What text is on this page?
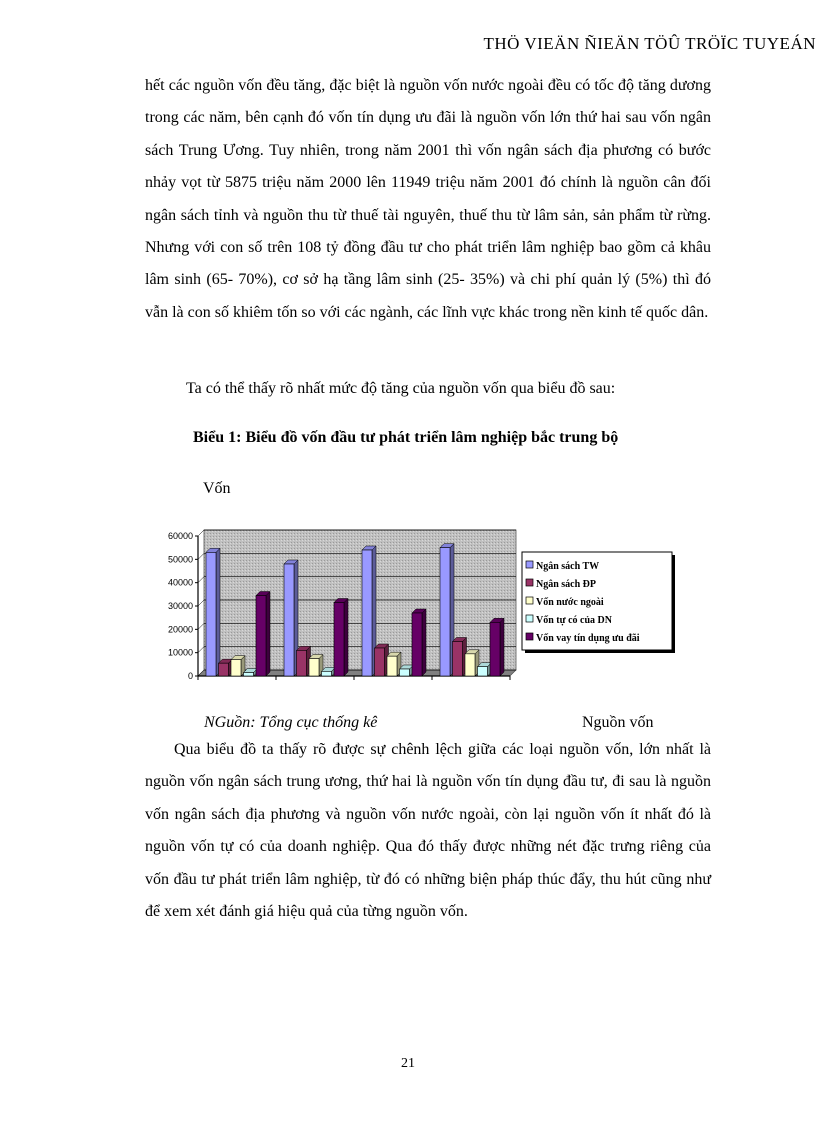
THÖ VIEÄN ÑIEÄN TÖÛ TRÖÏC TUYEÁN

hết các nguồn vốn đều tăng, đặc biệt là nguồn vốn nước ngoài đều có tốc độ tăng dương trong các năm, bên cạnh đó vốn tín dụng ưu đãi là nguồn vốn lớn thứ hai sau vốn ngân sách Trung Ương. Tuy nhiên, trong năm 2001 thì vốn ngân sách địa phương có bước nhảy vọt từ 5875 triệu năm 2000 lên 11949 triệu năm 2001 đó chính là nguồn cân đối ngân sách tỉnh và nguồn thu từ thuế tài nguyên, thuế thu từ lâm sản, sản phẩm từ rừng. Nhưng với con số trên 108 tỷ đồng đầu tư cho phát triển lâm nghiệp bao gồm cả khâu lâm sinh (65- 70%), cơ sở hạ tầng lâm sinh (25- 35%) và chi phí quản lý (5%) thì đó vẫn là con số khiêm tốn so với các ngành, các lĩnh vực khác trong nền kinh tế quốc dân.

Ta có thể thấy rõ nhất mức độ tăng của nguồn vốn qua biểu đồ sau:

Biểu 1: Biểu đồ vốn đầu tư phát triển lâm nghiệp bắc trung bộ

Vốn

0
10000
20000
30000
40000
50000
60000
Ngân sách TW
Ngân sách ĐP
Vốn nước ngoài
Vốn tự có của DN
Vốn vay tín dụng ưu đãi

NGuồn: Tổng cục thống kê	Nguồn vốn

Qua biểu đồ ta thấy rõ được sự chênh lệch giữa các loại nguồn vốn, lớn nhất là nguồn vốn ngân sách trung ương, thứ hai là nguồn vốn tín dụng đầu tư, đi sau là nguồn vốn ngân sách địa phương và nguồn vốn nước ngoài, còn lại nguồn vốn ít nhất đó là nguồn vốn tự có của doanh nghiệp. Qua đó thấy được những nét đặc trưng riêng của vốn đầu tư phát triển lâm nghiệp, từ đó có những biện pháp thúc đẩy, thu hút cũng như để xem xét đánh giá hiệu quả của từng nguồn vốn.

21
